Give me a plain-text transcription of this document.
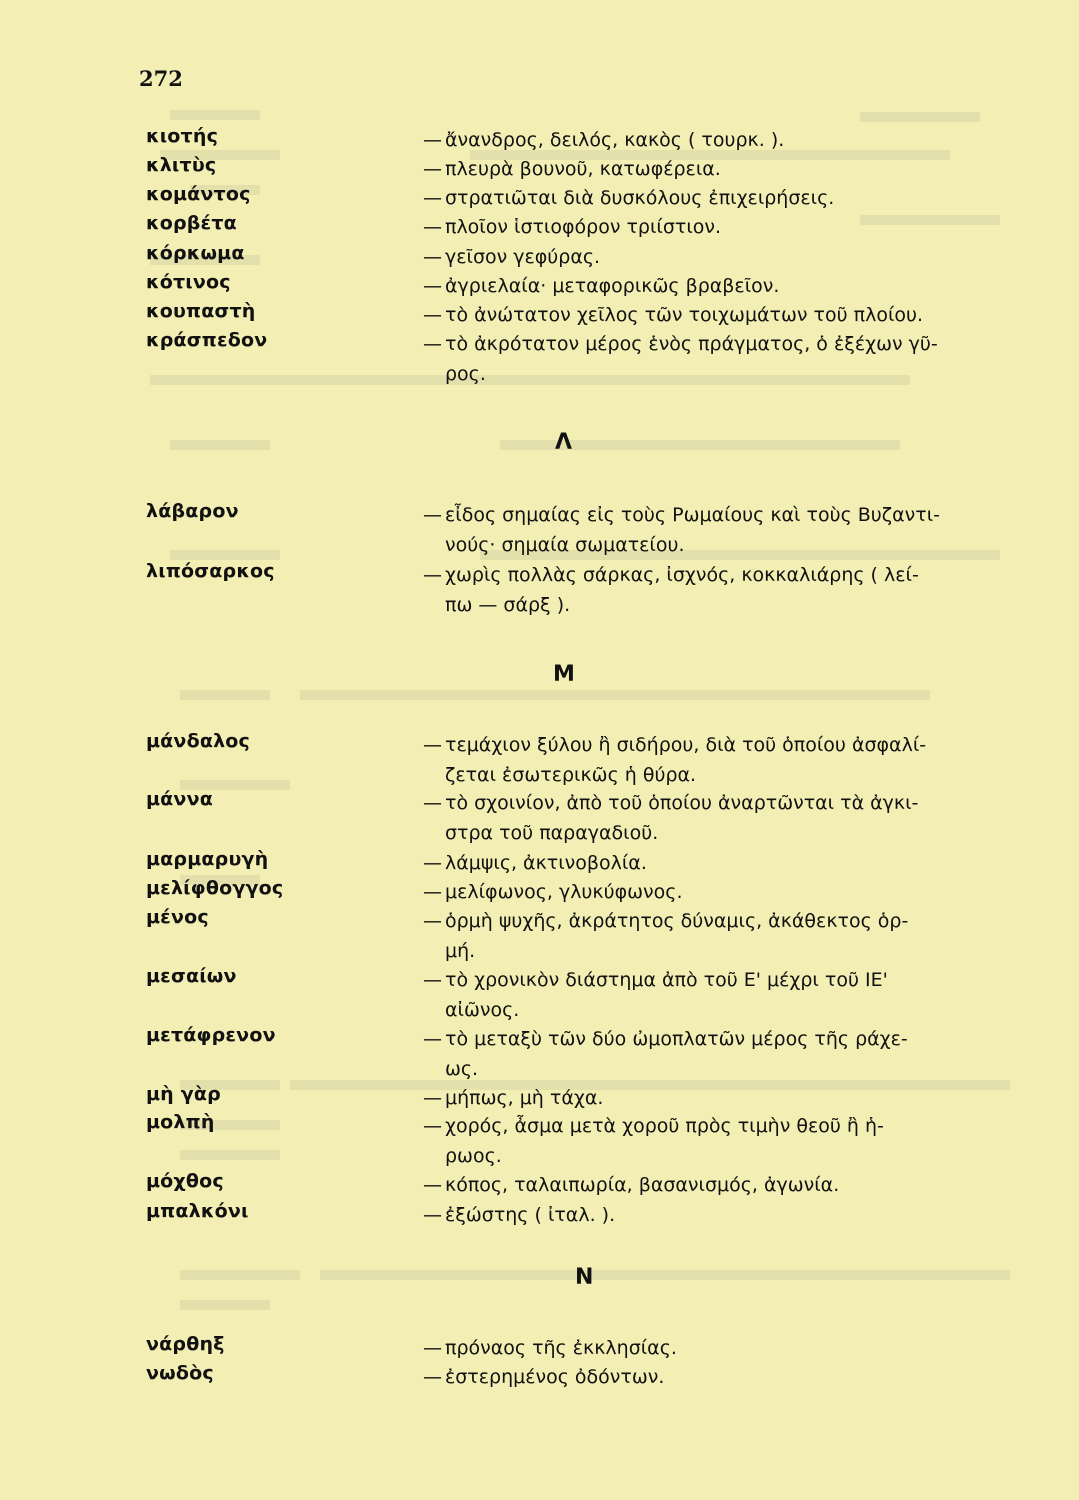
272
κιοτής	— ἄνανδρος, δειλός, κακὸς ( τουρκ. ).
κλιτὺς	— πλευρὰ βουνοῦ, κατωφέρεια.
κομάντος	— στρατιῶται διὰ δυσκόλους ἐπιχειρήσεις.
κορβέτα	— πλοῖον ἱστιοφόρον τριίστιον.
κόρκωμα	— γεῖσον γεφύρας.
κότινος	— ἀγριελαία· μεταφορικῶς βραβεῖον.
κουπαστὴ	— τὸ ἀνώτατον χεῖλος τῶν τοιχωμάτων τοῦ πλοίου.
κράσπεδον	— τὸ ἀκρότατον μέρος ἑνὸς πράγματος, ὁ ἐξέχων γῦ-
ρος.
Λ
λάβαρον	— εἶδος σημαίας εἰς τοὺς Ρωμαίους καὶ τοὺς Βυζαντι-
νούς· σημαία σωματείου.
λιπόσαρκος	— χωρὶς πολλὰς σάρκας, ἰσχνός, κοκκαλιάρης ( λεί-
πω — σάρξ ).
Μ
μάνδαλος	— τεμάχιον ξύλου ἢ σιδήρου, διὰ τοῦ ὁποίου ἀσφαλί-
ζεται ἐσωτερικῶς ἡ θύρα.
μάννα	— τὸ σχοινίον, ἀπὸ τοῦ ὁποίου ἀναρτῶνται τὰ ἀγκι-
στρα τοῦ παραγαδιοῦ.
μαρμαρυγὴ	— λάμψις, ἀκτινοβολία.
μελίφθογγος	— μελίφωνος, γλυκύφωνος.
μένος	— ὁρμὴ ψυχῆς, ἀκράτητος δύναμις, ἀκάθεκτος ὁρ-
μή.
μεσαίων	— τὸ χρονικὸν διάστημα ἀπὸ τοῦ Ε' μέχρι τοῦ ΙΕ'
αἰῶνος.
μετάφρενον	— τὸ μεταξὺ τῶν δύο ὠμοπλατῶν μέρος τῆς ράχε-
ως.
μὴ γὰρ	— μήπως, μὴ τάχα.
μολπὴ	— χορός, ἆσμα μετὰ χοροῦ πρὸς τιμὴν θεοῦ ἢ ἡ-
ρωος.
μόχθος	— κόπος, ταλαιπωρία, βασανισμός, ἀγωνία.
μπαλκόνι	— ἐξώστης ( ἰταλ. ).
Ν
νάρθηξ	— πρόναος τῆς ἐκκλησίας.
νωδὸς	— ἐστερημένος ὀδόντων.
